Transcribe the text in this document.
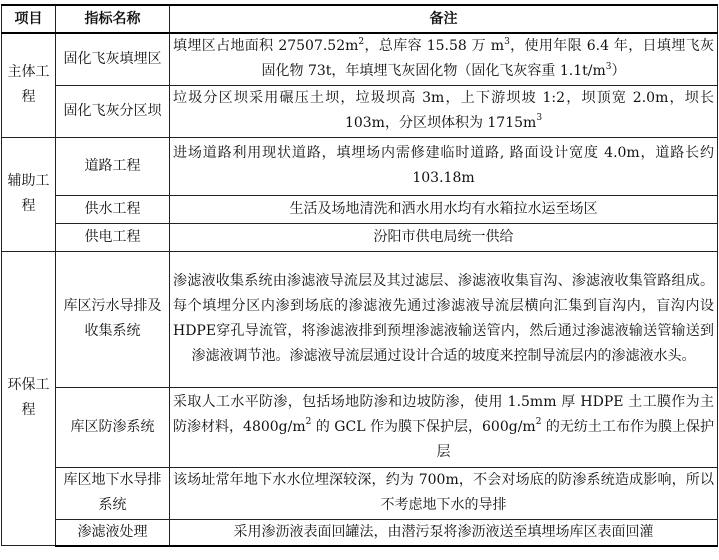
项目	指标名称	备注
主体工程	固化飞灰填埋区	填埋区占地面积 $27507.52m^2$，总库容 15.58 万 $m^3$，使用年限 6.4 年，日填埋飞灰固化物 73t，年填埋飞灰固化物（固化飞灰容重 $1.1t/m^3$）
	固化飞灰分区坝	垃圾分区坝采用碾压土坝，垃圾坝高 3m，上下游坝坡 1:2，坝顶宽 2.0m，坝长 103m，分区坝体积为 $1715m^3$
辅助工程	道路工程	进场道路利用现状道路，填埋场内需修建临时道路, 路面设计宽度 4.0m，道路长约 103.18m
	供水工程	生活及场地清洗和洒水用水均有水箱拉水运至场区
	供电工程	汾阳市供电局统一供给
环保工程	库区污水导排及收集系统	渗滤液收集系统由渗滤液导流层及其过滤层、渗滤液收集盲沟、渗滤液收集管路组成。每个填埋分区内渗到场底的渗滤液先通过渗滤液导流层横向汇集到盲沟内，盲沟内设HDPE穿孔导流管，将渗滤液排到预埋渗滤液输送管内，然后通过渗滤液输送管输送到渗滤液调节池。渗滤液导流层通过设计合适的坡度来控制导流层内的渗滤液水头。
	库区防渗系统	采取人工水平防渗，包括场地防渗和边坡防渗，使用 1.5mm 厚 HDPE 土工膜作为主防渗材料，$4800g/m^2$ 的 GCL 作为膜下保护层，$600g/m^2$ 的无纺土工布作为膜上保护层
	库区地下水导排系统	该场址常年地下水水位埋深较深，约为 700m，不会对场底的防渗系统造成影响，所以不考虑地下水的导排
	渗滤液处理	采用渗沥液表面回罐法，由潜污泵将渗沥液送至填埋场库区表面回灌
